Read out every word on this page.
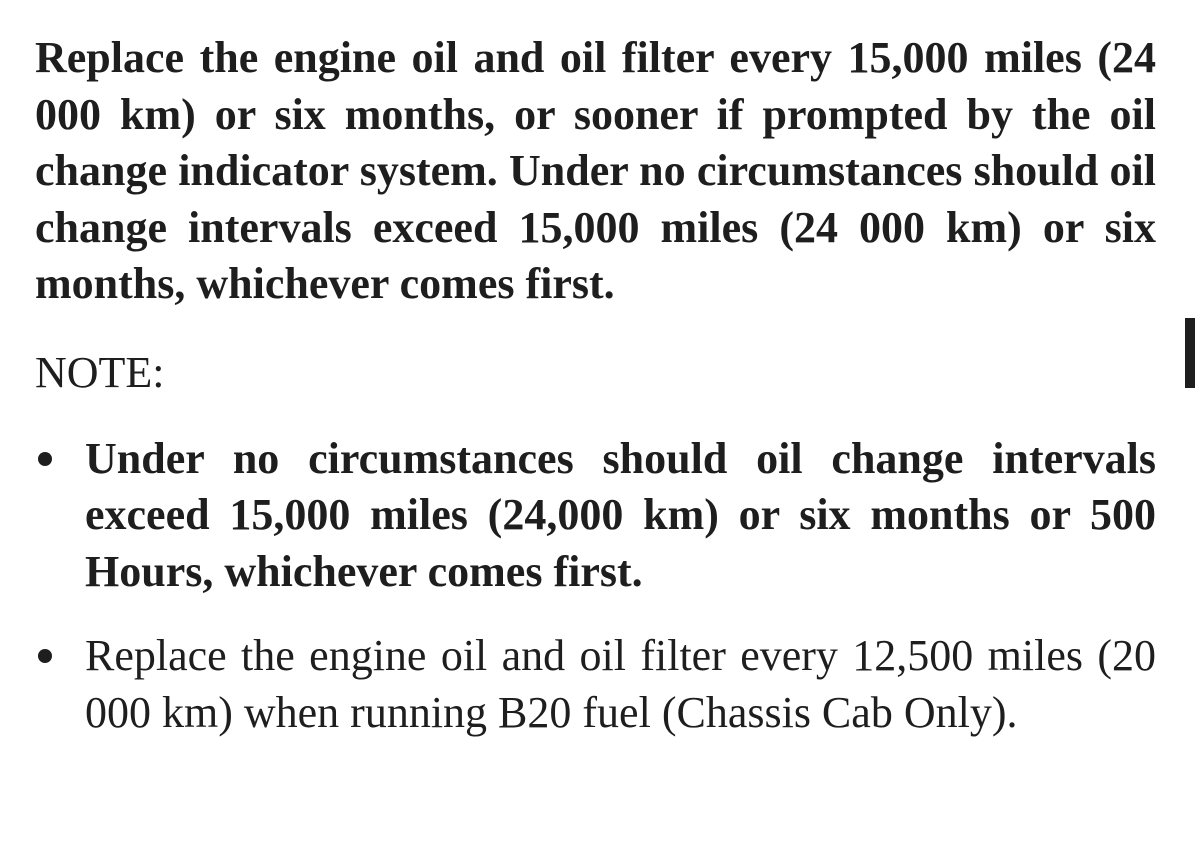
Replace the engine oil and oil filter every 15,000 miles (24 000 km) or six months, or sooner if prompted by the oil change indicator system. Under no circumstances should oil change intervals exceed 15,000 miles (24 000 km) or six months, whichever comes first.

NOTE:
Under no circumstances should oil change intervals exceed 15,000 miles (24,000 km) or six months or 500 Hours, whichever comes first.
Replace the engine oil and oil filter every 12,500 miles (20 000 km) when running B20 fuel (Chassis Cab Only).
